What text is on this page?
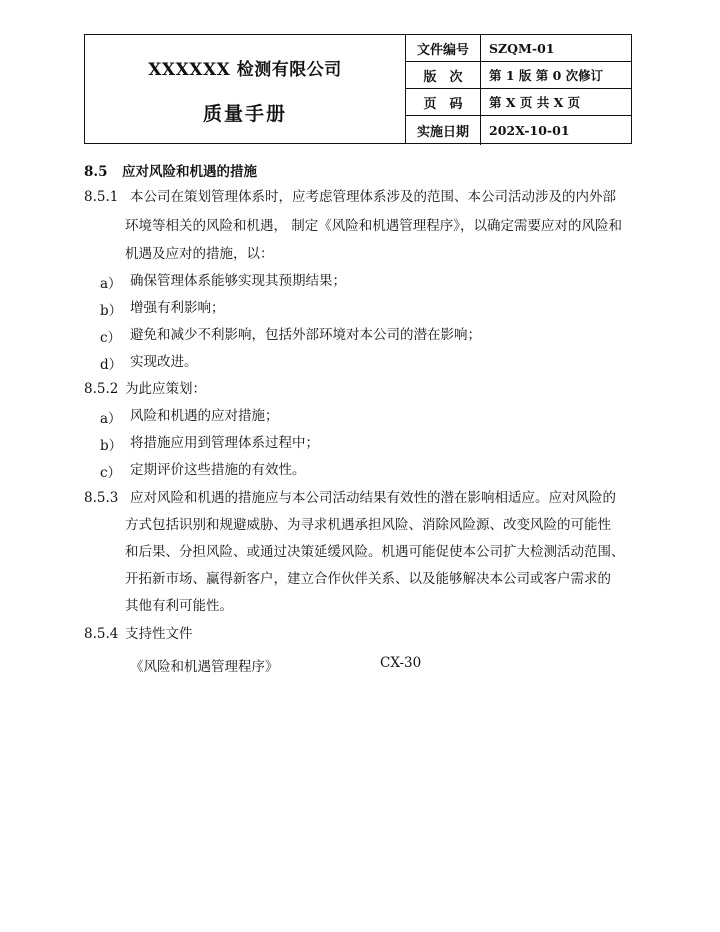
XXXXXX 检测有限公司
质量手册
文件编号	SZQM-01
版　次	第 1 版 第 0 次修订
页　码	第 X 页 共 X 页
实施日期	202X-10-01
8.5 应对风险和机遇的措施
8.5.1 本公司在策划管理体系时，应考虑管理体系涉及的范围、本公司活动涉及的内外部
环境等相关的风险和机遇， 制定《风险和机遇管理程序》，以确定需要应对的风险和
机遇及应对的措施，以：
a） 确保管理体系能够实现其预期结果；
b） 增强有利影响；
c） 避免和减少不利影响，包括外部环境对本公司的潜在影响；
d） 实现改进。
8.5.2 为此应策划：
a） 风险和机遇的应对措施；
b） 将措施应用到管理体系过程中；
c） 定期评价这些措施的有效性。
8.5.3 应对风险和机遇的措施应与本公司活动结果有效性的潜在影响相适应。应对风险的
方式包括识别和规避威胁、为寻求机遇承担风险、消除风险源、改变风险的可能性
和后果、分担风险、或通过决策延缓风险。机遇可能促使本公司扩大检测活动范围、
开拓新市场、赢得新客户，建立合作伙伴关系、以及能够解决本公司或客户需求的
其他有利可能性。
8.5.4 支持性文件
《风险和机遇管理程序》	CX-30
